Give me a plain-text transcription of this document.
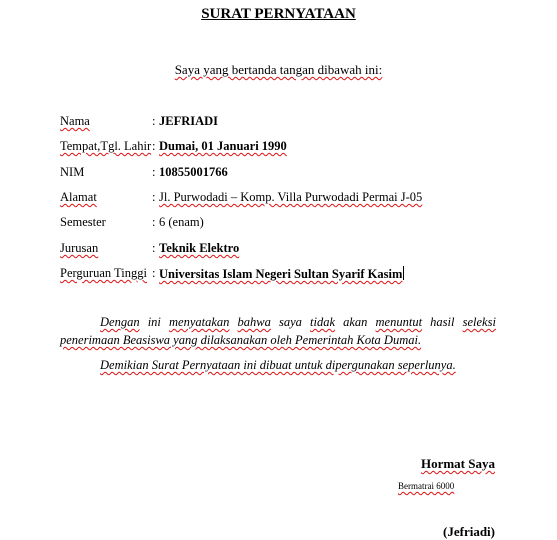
SURAT PERNYATAAN
Saya yang bertanda tangan dibawah ini:
Nama	: JEFRIADI
Tempat,Tgl. Lahir : Dumai, 01 Januari 1990
NIM	: 10855001766
Alamat	: Jl. Purwodadi – Komp. Villa Purwodadi Permai J-05
Semester	: 6 (enam)
Jurusan	: Teknik Elektro
Perguruan Tinggi : Universitas Islam Negeri Sultan Syarif Kasim
Dengan ini menyatakan bahwa saya tidak akan menuntut hasil seleksi
penerimaan Beasiswa yang dilaksanakan oleh Pemerintah Kota Dumai.
Demikian Surat Pernyataan ini dibuat untuk dipergunakan seperlunya.
Hormat Saya
Bermatrai 6000
(Jefriadi)
